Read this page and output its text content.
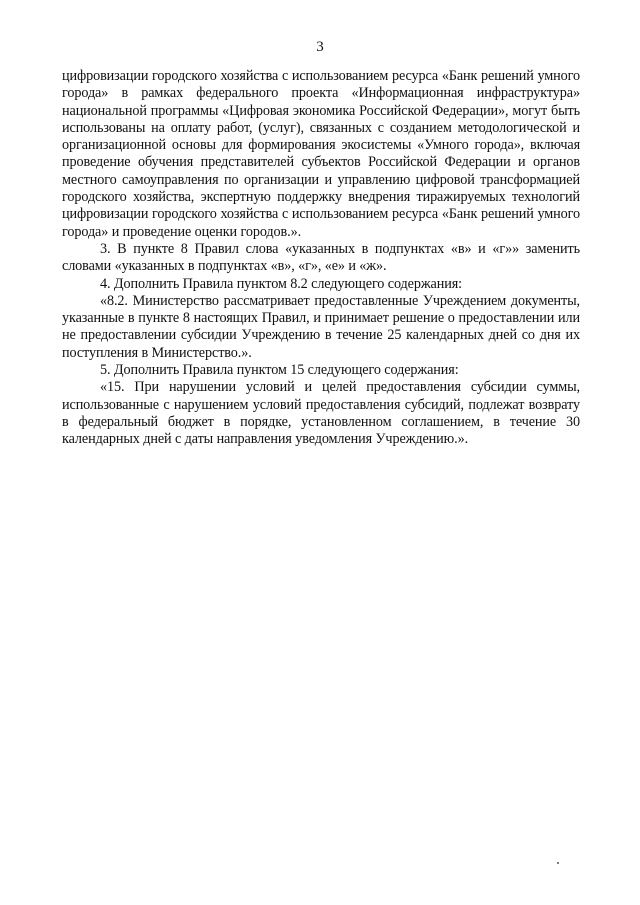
3

цифровизации городского хозяйства с использованием ресурса «Банк решений умного города» в рамках федерального проекта «Информационная инфраструктура» национальной программы «Цифровая экономика Российской Федерации», могут быть использованы на оплату работ, (услуг), связанных с созданием методологической и организационной основы для формирования экосистемы «Умного города», включая проведение обучения представителей субъектов Российской Федерации и органов местного самоуправления по организации и управлению цифровой трансформацией городского хозяйства, экспертную поддержку внедрения тиражируемых технологий цифровизации городского хозяйства с использованием ресурса «Банк решений умного города» и проведение оценки городов.».

3. В пункте 8 Правил слова «указанных в подпунктах «в» и «г»» заменить словами «указанных в подпунктах «в», «г», «е» и «ж».

4. Дополнить Правила пунктом 8.2 следующего содержания:

«8.2. Министерство рассматривает предоставленные Учреждением документы, указанные в пункте 8 настоящих Правил, и принимает решение о предоставлении или не предоставлении субсидии Учреждению в течение 25 календарных дней со дня их поступления в Министерство.».

5. Дополнить Правила пунктом 15 следующего содержания:

«15. При нарушении условий и целей предоставления субсидии суммы, использованные с нарушением условий предоставления субсидий, подлежат возврату в федеральный бюджет в порядке, установленном соглашением, в течение 30 календарных дней с даты направления уведомления Учреждению.».
